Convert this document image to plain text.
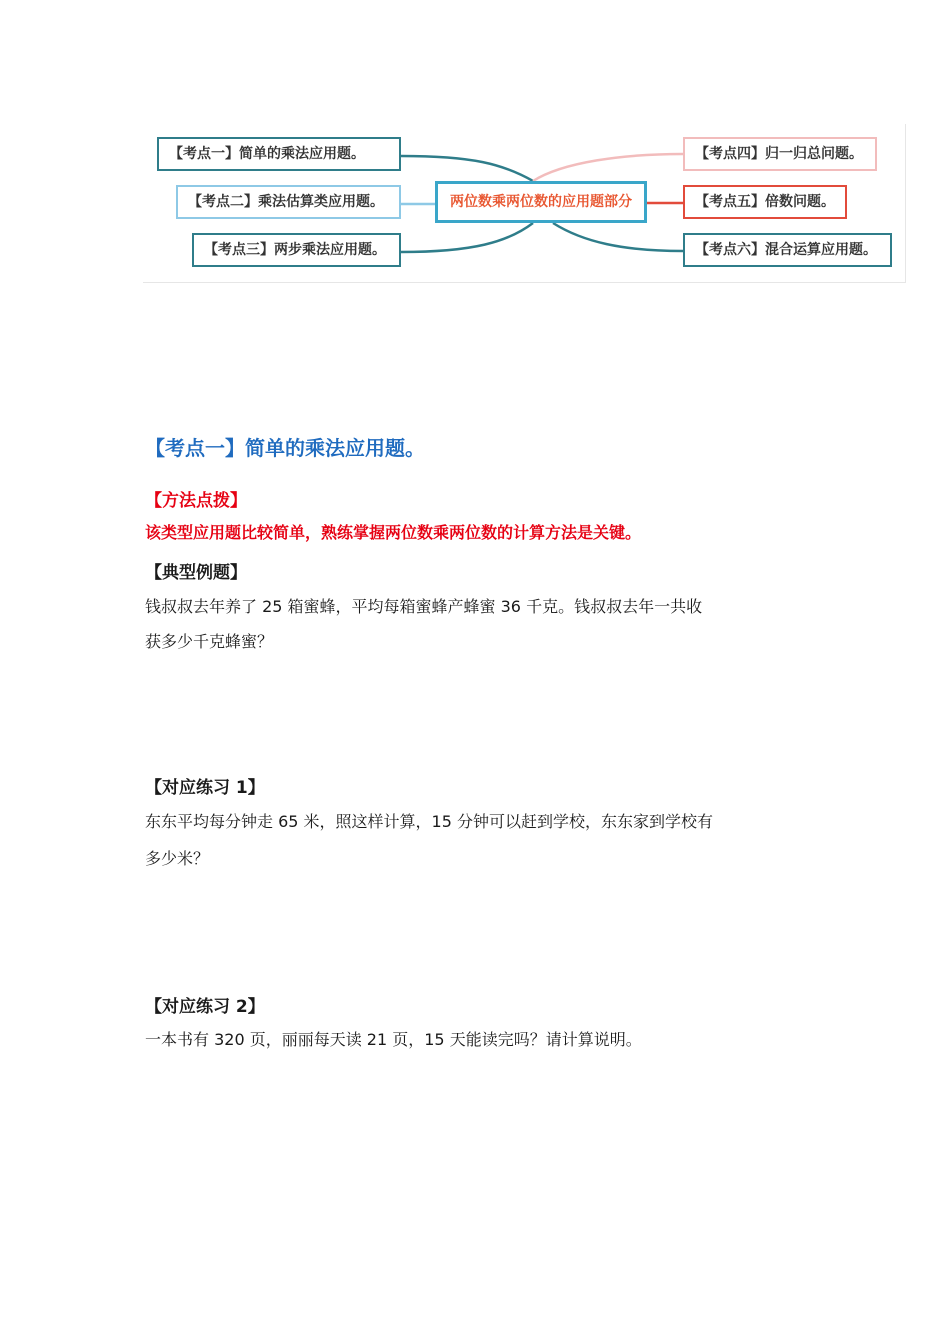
【考点一】简单的乘法应用题。
【考点二】乘法估算类应用题。
【考点三】两步乘法应用题。
两位数乘两位数的应用题部分
【考点四】归一归总问题。
【考点五】倍数问题。
【考点六】混合运算应用题。
【考点一】简单的乘法应用题。

【方法点拨】

该类型应用题比较简单，熟练掌握两位数乘两位数的计算方法是关键。

【典型例题】

钱叔叔去年养了 25 箱蜜蜂，平均每箱蜜蜂产蜂蜜 36 千克。钱叔叔去年一共收

获多少千克蜂蜜？

【对应练习 1】

东东平均每分钟走 65 米，照这样计算，15 分钟可以赶到学校，东东家到学校有

多少米？

【对应练习 2】

一本书有 320 页，丽丽每天读 21 页，15 天能读完吗？请计算说明。
